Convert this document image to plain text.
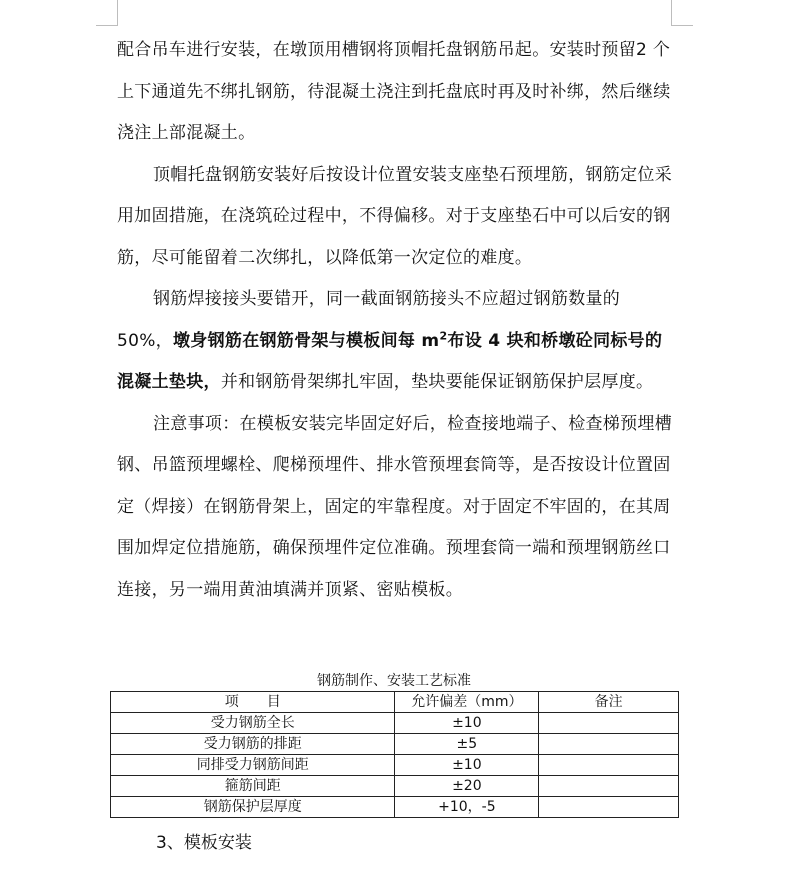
配合吊车进行安装，在墩顶用槽钢将顶帽托盘钢筋吊起。安装时预留2 个上下通道先不绑扎钢筋，待混凝土浇注到托盘底时再及时补绑，然后继续浇注上部混凝土。

顶帽托盘钢筋安装好后按设计位置安装支座垫石预埋筋，钢筋定位采用加固措施，在浇筑砼过程中，不得偏移。对于支座垫石中可以后安的钢筋，尽可能留着二次绑扎，以降低第一次定位的难度。

钢筋焊接接头要错开，同一截面钢筋接头不应超过钢筋数量的50%，墩身钢筋在钢筋骨架与模板间每 $m^2$布设 4 块和桥墩砼同标号的混凝土垫块，并和钢筋骨架绑扎牢固，垫块要能保证钢筋保护层厚度。

注意事项：在模板安装完毕固定好后，检查接地端子、检查梯预埋槽钢、吊篮预埋螺栓、爬梯预埋件、排水管预埋套筒等，是否按设计位置固定（焊接）在钢筋骨架上，固定的牢靠程度。对于固定不牢固的，在其周围加焊定位措施筋，确保预埋件定位准确。预埋套筒一端和预埋钢筋丝口连接，另一端用黄油填满并顶紧、密贴模板。

钢筋制作、安装工艺标准
项　　目	允许偏差（mm）	备注
受力钢筋全长	±10	
受力钢筋的排距	±5	
同排受力钢筋间距	±10	
箍筋间距	±20	
钢筋保护层厚度	+10，-5	
3、模板安装
